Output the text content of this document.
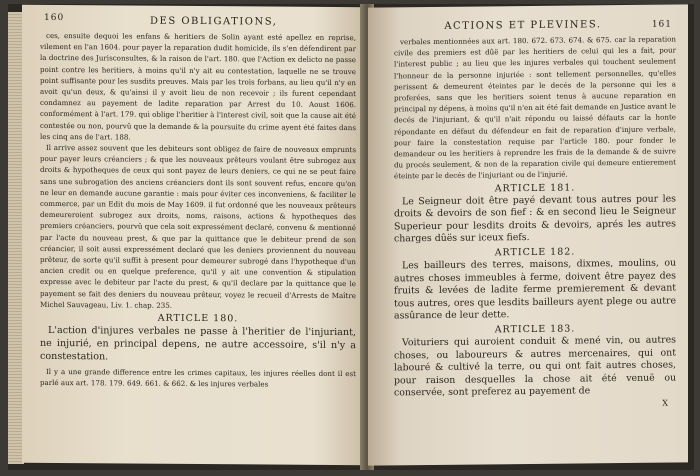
160	DES OBLIGATIONS,

ces, ensuite dequoi les enfans & heritiers de Solin ayant esté apellez en reprise, vilement en l'an 1604. pour payer la reparation dudit homicide, ils s'en défendirent par la doctrine des Jurisconsultes, & la raison de l'art. 180. que l'Action ex delicto ne passe point contre les heritiers, à moins qu'il n'y ait eu contestation, laquelle ne se trouve point suffisante pour les susdits preuves. Mais par les trois forbans, au lieu qu'il n'y en avoit qu'un deux, & qu'ainsi il y avoit lieu de non recevoir ; ils furent cependant condamnez au payement de ladite reparation par Arrest du 10. Aoust 1606. conformément à l'art. 179. qui oblige l'heritier à l'interest civil, soit que la cause ait été contestée ou non, pourvû que la demande & la poursuite du crime ayent été faites dans les cinq ans de l'art. 188.

Il arrive assez souvent que les debiteurs sont obligez de faire de nouveaux emprunts pour payer leurs créanciers ; & que les nouveaux prêteurs voulant être subrogez aux droits & hypotheques de ceux qui sont payez de leurs deniers, ce qui ne se peut faire sans une subrogation des anciens créanciers dont ils sont souvent refus, encore qu'on ne leur en demande aucune garantie : mais pour éviter ces inconveniens, & faciliter le commerce, par un Edit du mois de May 1609. il fut ordonné que les nouveaux prêteurs demeureroient subrogez aux droits, noms, raisons, actions & hypotheques des premiers créanciers, pourvû que cela soit expressément declaré, convenu & mentionné par l'acte du nouveau prest, & que par la quittance que le debiteur prend de son créancier, il soit aussi expressément declaré que les deniers proviennent du nouveau prêteur, de sorte qu'il suffit à present pour demeurer subrogé dans l'hypotheque d'un ancien credit ou en quelque preference, qu'il y ait une convention & stipulation expresse avec le debiteur par l'acte du prest, & qu'il declare par la quittance que le payement se fait des deniers du nouveau prêteur, voyez le recueil d'Arrests de Maître Michel Sauvageau, Liv. 1. chap. 235.

ARTICLE 180.

L'action d'injures verbales ne passe à l'heritier de l'injuriant, ne injurié, en principal depens, ne autre accessoire, s'il n'y a constestation.

Il y a une grande difference entre les crimes capitaux, les injures réelles dont il est parlé aux art. 178. 179. 649. 661. & 662. & les injures verbales

ACTIONS ET PLEVINES.	161

verbales mentionnées aux art. 180. 672. 673. 674. & 675. car la reparation civile des premiers est dûë par les heritiers de celui qui les a fait, pour l'interest public ; au lieu que les injures verbales qui touchent seulement l'honneur de la personne injuriée : sont tellement personnelles, qu'elles perissent & demeurent éteintes par le decés de la personne qui les a proferées, sans que les heritiers soient tenus à aucune reparation en principal ny dépens, à moins qu'il n'en ait été fait demande en Justice avant le decés de l'injuriant, & qu'il n'ait répondu ou laissé défauts car la honte répondante en défaut du défendeur en fait de reparation d'injure verbale, pour faire la constestation requise par l'article 180. pour fonder le demandeur ou les heritiers à reprendre les frais de la demande & de suivre du procés seulement, & non de la reparation civile qui demeure entierement éteinte par le decés de l'injuriant ou de l'injurié.

ARTICLE 181.

Le Seigneur doit être payé devant tous autres pour les droits & devoirs de son fief : & en second lieu le Seigneur Superieur pour lesdits droits & devoirs, aprés les autres charges dûës sur iceux fiefs.

ARTICLE 182.

Les bailleurs des terres, maisons, dixmes, moulins, ou autres choses immeubles à ferme, doivent être payez des fruits & levées de ladite ferme premierement & devant tous autres, ores que lesdits bailleurs ayent plege ou autre assûrance de leur dette.

ARTICLE 183.

Voituriers qui auroient conduit & mené vin, ou autres choses, ou laboureurs & autres mercenaires, qui ont labouré & cultivé la terre, ou qui ont fait autres choses, pour raison desquelles la chose ait été venuë ou conservée, sont preferez au payement de

X
